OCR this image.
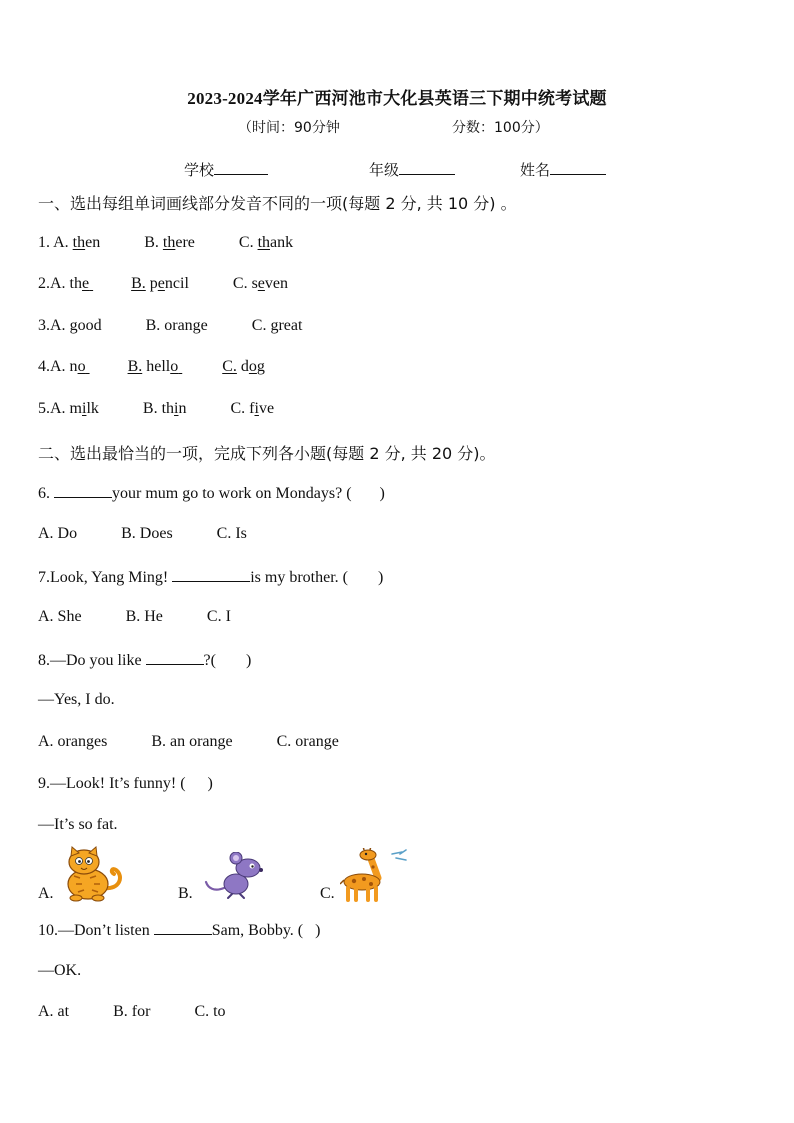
2023-2024学年广西河池市大化县英语三下期中统考试题
（时间：90分钟	分数：100分）
学校	年级	姓名
一、选出每组单词画线部分发音不同的一项(每题 2 分, 共 10 分) 。
1. A. then	B. there	C. thank
2.A. the	B. pencil	C. seven
3.A. good	B. orange	C. great
4.A. no	B. hello	C. dog
5.A. milk	B. thin	C. five
二、选出最恰当的一项，完成下列各小题(每题 2 分, 共 20 分)。
6.	your mum go to work on Mondays? ( )
A. Do	B. Does	C. Is
7.Look, Yang Ming!	is my brother. ( )
A. She	B. He	C. I
8.—Do you like	?( )
—Yes, I do.
A. oranges	B. an orange	C. orange
9.—Look! It’s funny! ( )
—It’s so fat.
A.	B.	C.
10.—Don’t listen	Sam, Bobby. ( )
—OK.
A. at	B. for	C. to
